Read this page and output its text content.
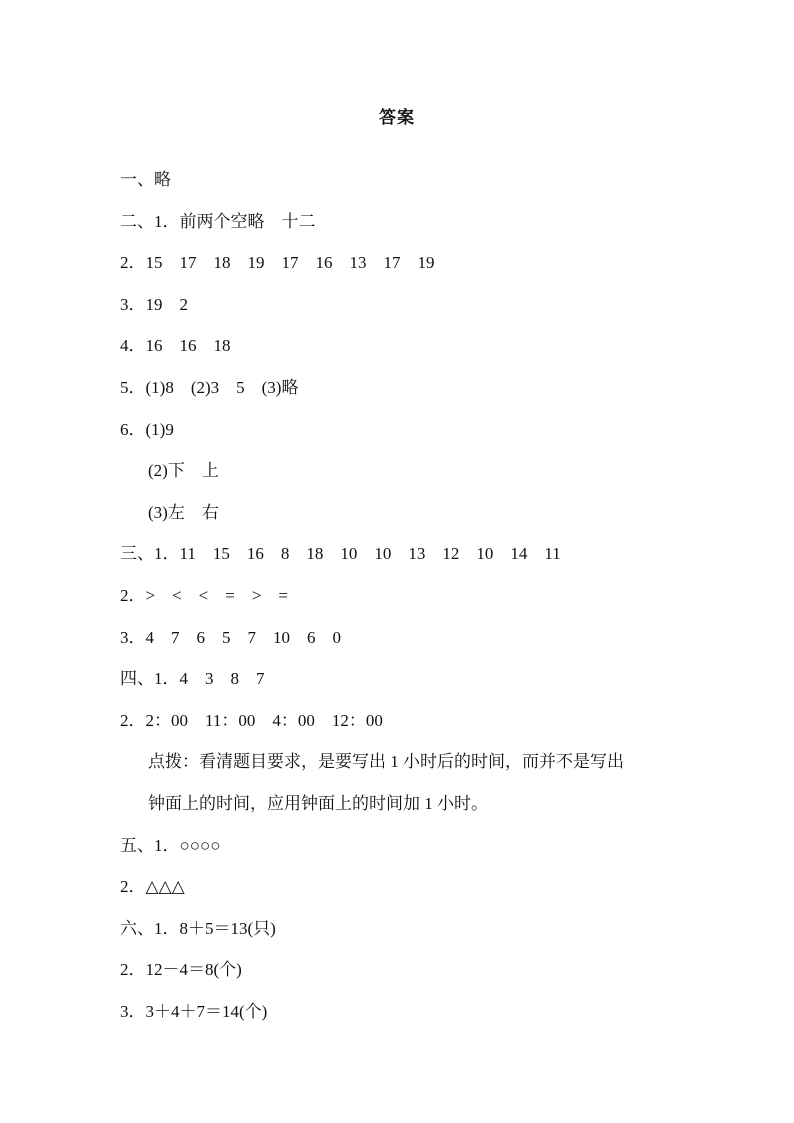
答案
一、略
二、1．前两个空略　十二
2．15　17　18　19　17　16　13　17　19
3．19　2
4．16　16　18
5．(1)8　(2)3　5　(3)略
6．(1)9
(2)下　上
(3)左　右
三、1．11　15　16　8　18　10　10　13　12　10　14　11
2．>　<　<　=　>　=
3．4　7　6　5　7　10　6　0
四、1．4　3　8　7
2．2：00　11：00　4：00　12：00
点拨：看清题目要求，是要写出 1 小时后的时间，而并不是写出
钟面上的时间，应用钟面上的时间加 1 小时。
五、1．○○○○
2．△△△
六、1．8＋5＝13(只)
2．12－4＝8(个)
3．3＋4＋7＝14(个)
